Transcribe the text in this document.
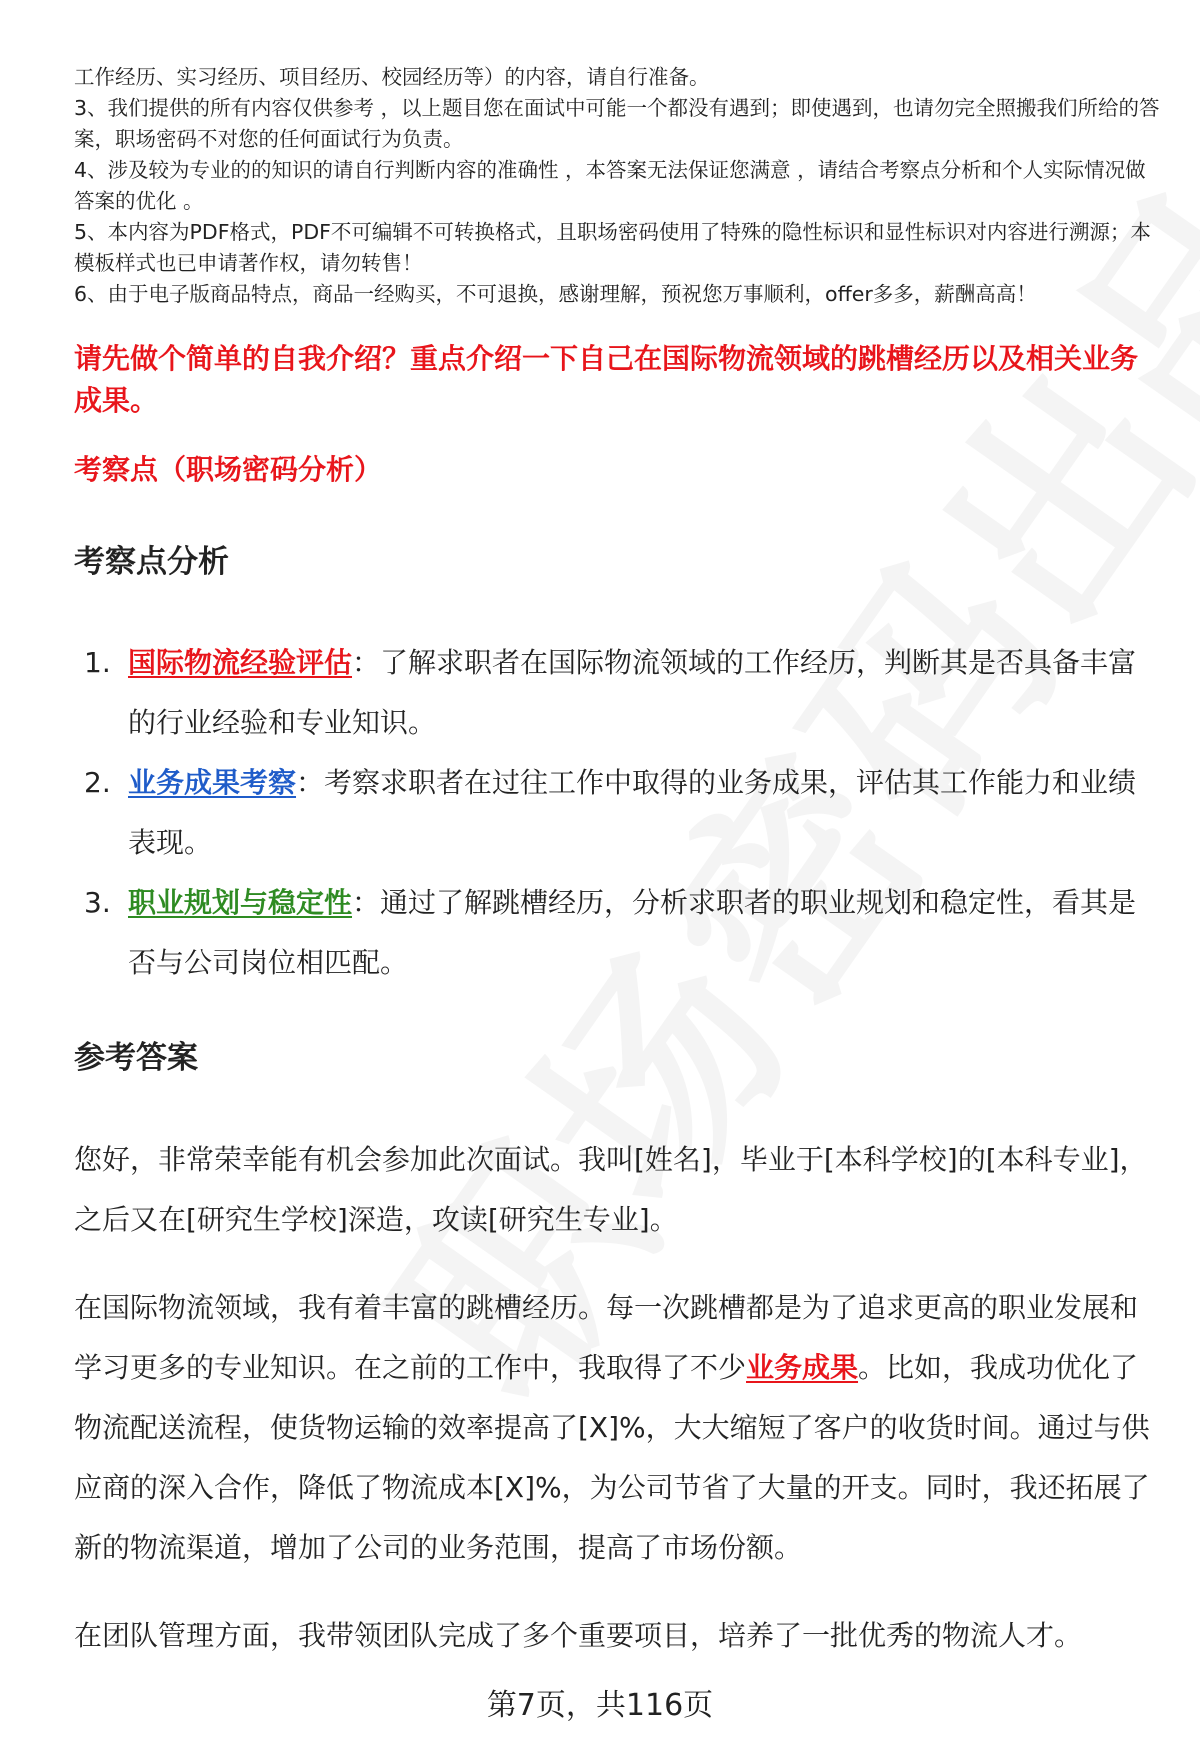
工作经历、实习经历、项目经历、校园经历等）的内容，请自行准备。

3、我们提供的所有内容仅供参考 ，以上题目您在面试中可能一个都没有遇到；即使遇到，也请勿完全照搬我们所给的答案，职场密码不对您的任何面试行为负责。

4、涉及较为专业的的知识的请自行判断内容的准确性 ，本答案无法保证您满意 ，请结合考察点分析和个人实际情况做答案的优化 。

5、本内容为PDF格式，PDF不可编辑不可转换格式，且职场密码使用了特殊的隐性标识和显性标识对内容进行溯源；本模板样式也已申请著作权，请勿转售！

6、由于电子版商品特点，商品一经购买，不可退换，感谢理解，预祝您万事顺利，offer多多，薪酬高高！

请先做个简单的自我介绍？重点介绍一下自己在国际物流领域的跳槽经历以及相关业务成果。

考察点（职场密码分析）

考察点分析
1. 国际物流经验评估：了解求职者在国际物流领域的工作经历，判断其是否具备丰富的行业经验和专业知识。
2. 业务成果考察：考察求职者在过往工作中取得的业务成果，评估其工作能力和业绩表现。
3. 职业规划与稳定性：通过了解跳槽经历，分析求职者的职业规划和稳定性，看其是否与公司岗位相匹配。
参考答案

您好，非常荣幸能有机会参加此次面试。我叫[姓名]，毕业于[本科学校]的[本科专业]，之后又在[研究生学校]深造，攻读[研究生专业]。

在国际物流领域，我有着丰富的跳槽经历。每一次跳槽都是为了追求更高的职业发展和学习更多的专业知识。在之前的工作中，我取得了不少业务成果。比如，我成功优化了物流配送流程，使货物运输的效率提高了[X]%，大大缩短了客户的收货时间。通过与供应商的深入合作，降低了物流成本[X]%，为公司节省了大量的开支。同时，我还拓展了新的物流渠道，增加了公司的业务范围，提高了市场份额。

在团队管理方面，我带领团队完成了多个重要项目，培养了一批优秀的物流人才。

第7页，共116页
